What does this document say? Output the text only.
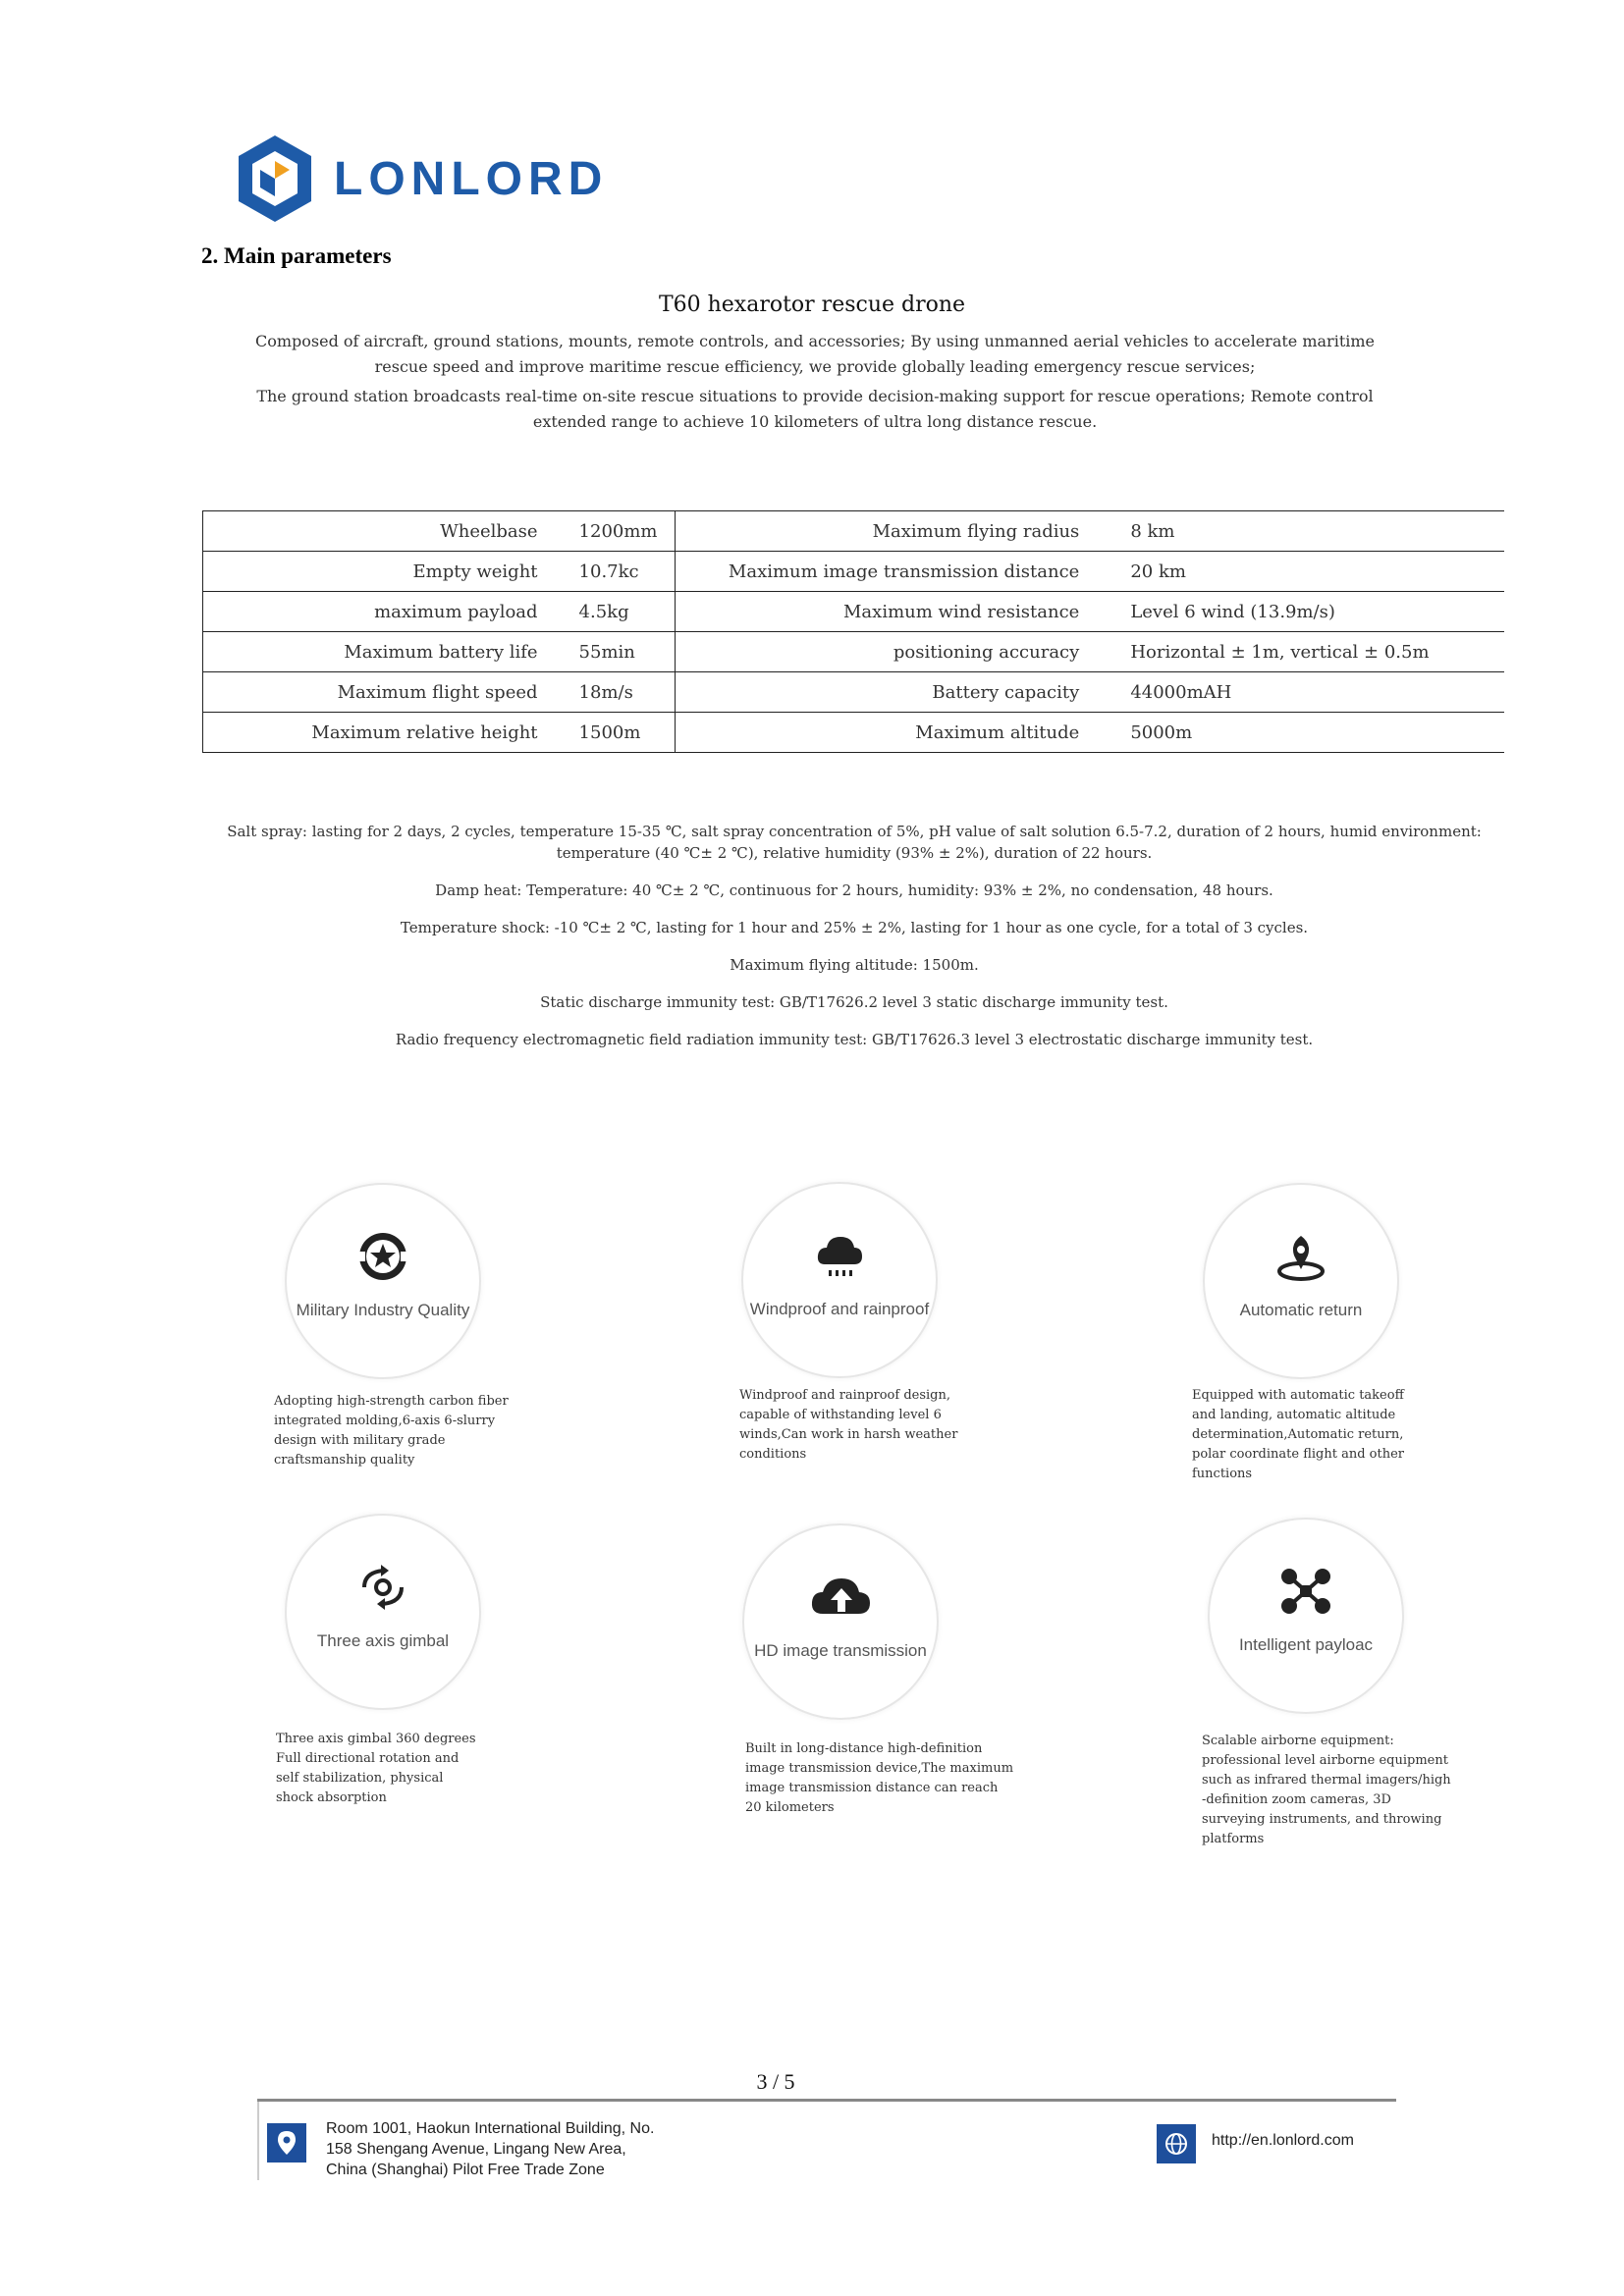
LONLORD
2. Main parameters
T60 hexarotor rescue drone

Composed of aircraft, ground stations, mounts, remote controls, and accessories; By using unmanned aerial vehicles to accelerate maritime rescue speed and improve maritime rescue efficiency, we provide globally leading emergency rescue services;

The ground station broadcasts real-time on-site rescue situations to provide decision-making support for rescue operations; Remote control extended range to achieve 10 kilometers of ultra long distance rescue.

Wheelbase	1200mm	Maximum flying radius	8 km
Empty weight	10.7kc	Maximum image transmission distance	20 km
maximum payload	4.5kg	Maximum wind resistance	Level 6 wind (13.9m/s)
Maximum battery life	55min	positioning accuracy	Horizontal ± 1m, vertical ± 0.5m
Maximum flight speed	18m/s	Battery capacity	44000mAH
Maximum relative height	1500m	Maximum altitude	5000m

Salt spray: lasting for 2 days, 2 cycles, temperature 15-35 ℃, salt spray concentration of 5%, pH value of salt solution 6.5-7.2, duration of 2 hours, humid environment: temperature (40 ℃± 2 ℃), relative humidity (93% ± 2%), duration of 22 hours.

Damp heat: Temperature: 40 ℃± 2 ℃, continuous for 2 hours, humidity: 93% ± 2%, no condensation, 48 hours.

Temperature shock: -10 ℃± 2 ℃, lasting for 1 hour and 25% ± 2%, lasting for 1 hour as one cycle, for a total of 3 cycles.

Maximum flying altitude: 1500m.

Static discharge immunity test: GB/T17626.2 level 3 static discharge immunity test.

Radio frequency electromagnetic field radiation immunity test: GB/T17626.3 level 3 electrostatic discharge immunity test.

Military Industry Quality
Adopting high-strength carbon fiber
integrated molding,6-axis 6-slurry
design with military grade
craftsmanship quality
Windproof and rainproof
Windproof and rainproof design,
capable of withstanding level 6
winds,Can work in harsh weather
conditions
Automatic return
Equipped with automatic takeoff
and landing, automatic altitude
determination,Automatic return,
polar coordinate flight and other
functions
Three axis gimbal
Three axis gimbal 360 degrees
Full directional rotation and
self stabilization, physical
shock absorption
HD image transmission
Built in long-distance high-definition
image transmission device,The maximum
image transmission distance can reach
20 kilometers
Intelligent payloac
Scalable airborne equipment:
professional level airborne equipment
such as infrared thermal imagers/high
-definition zoom cameras, 3D
surveying instruments, and throwing
platforms
3 / 5
Room 1001, Haokun International Building, No.
158 Shengang Avenue, Lingang New Area,
China (Shanghai) Pilot Free Trade Zone
http://en.lonlord.com
